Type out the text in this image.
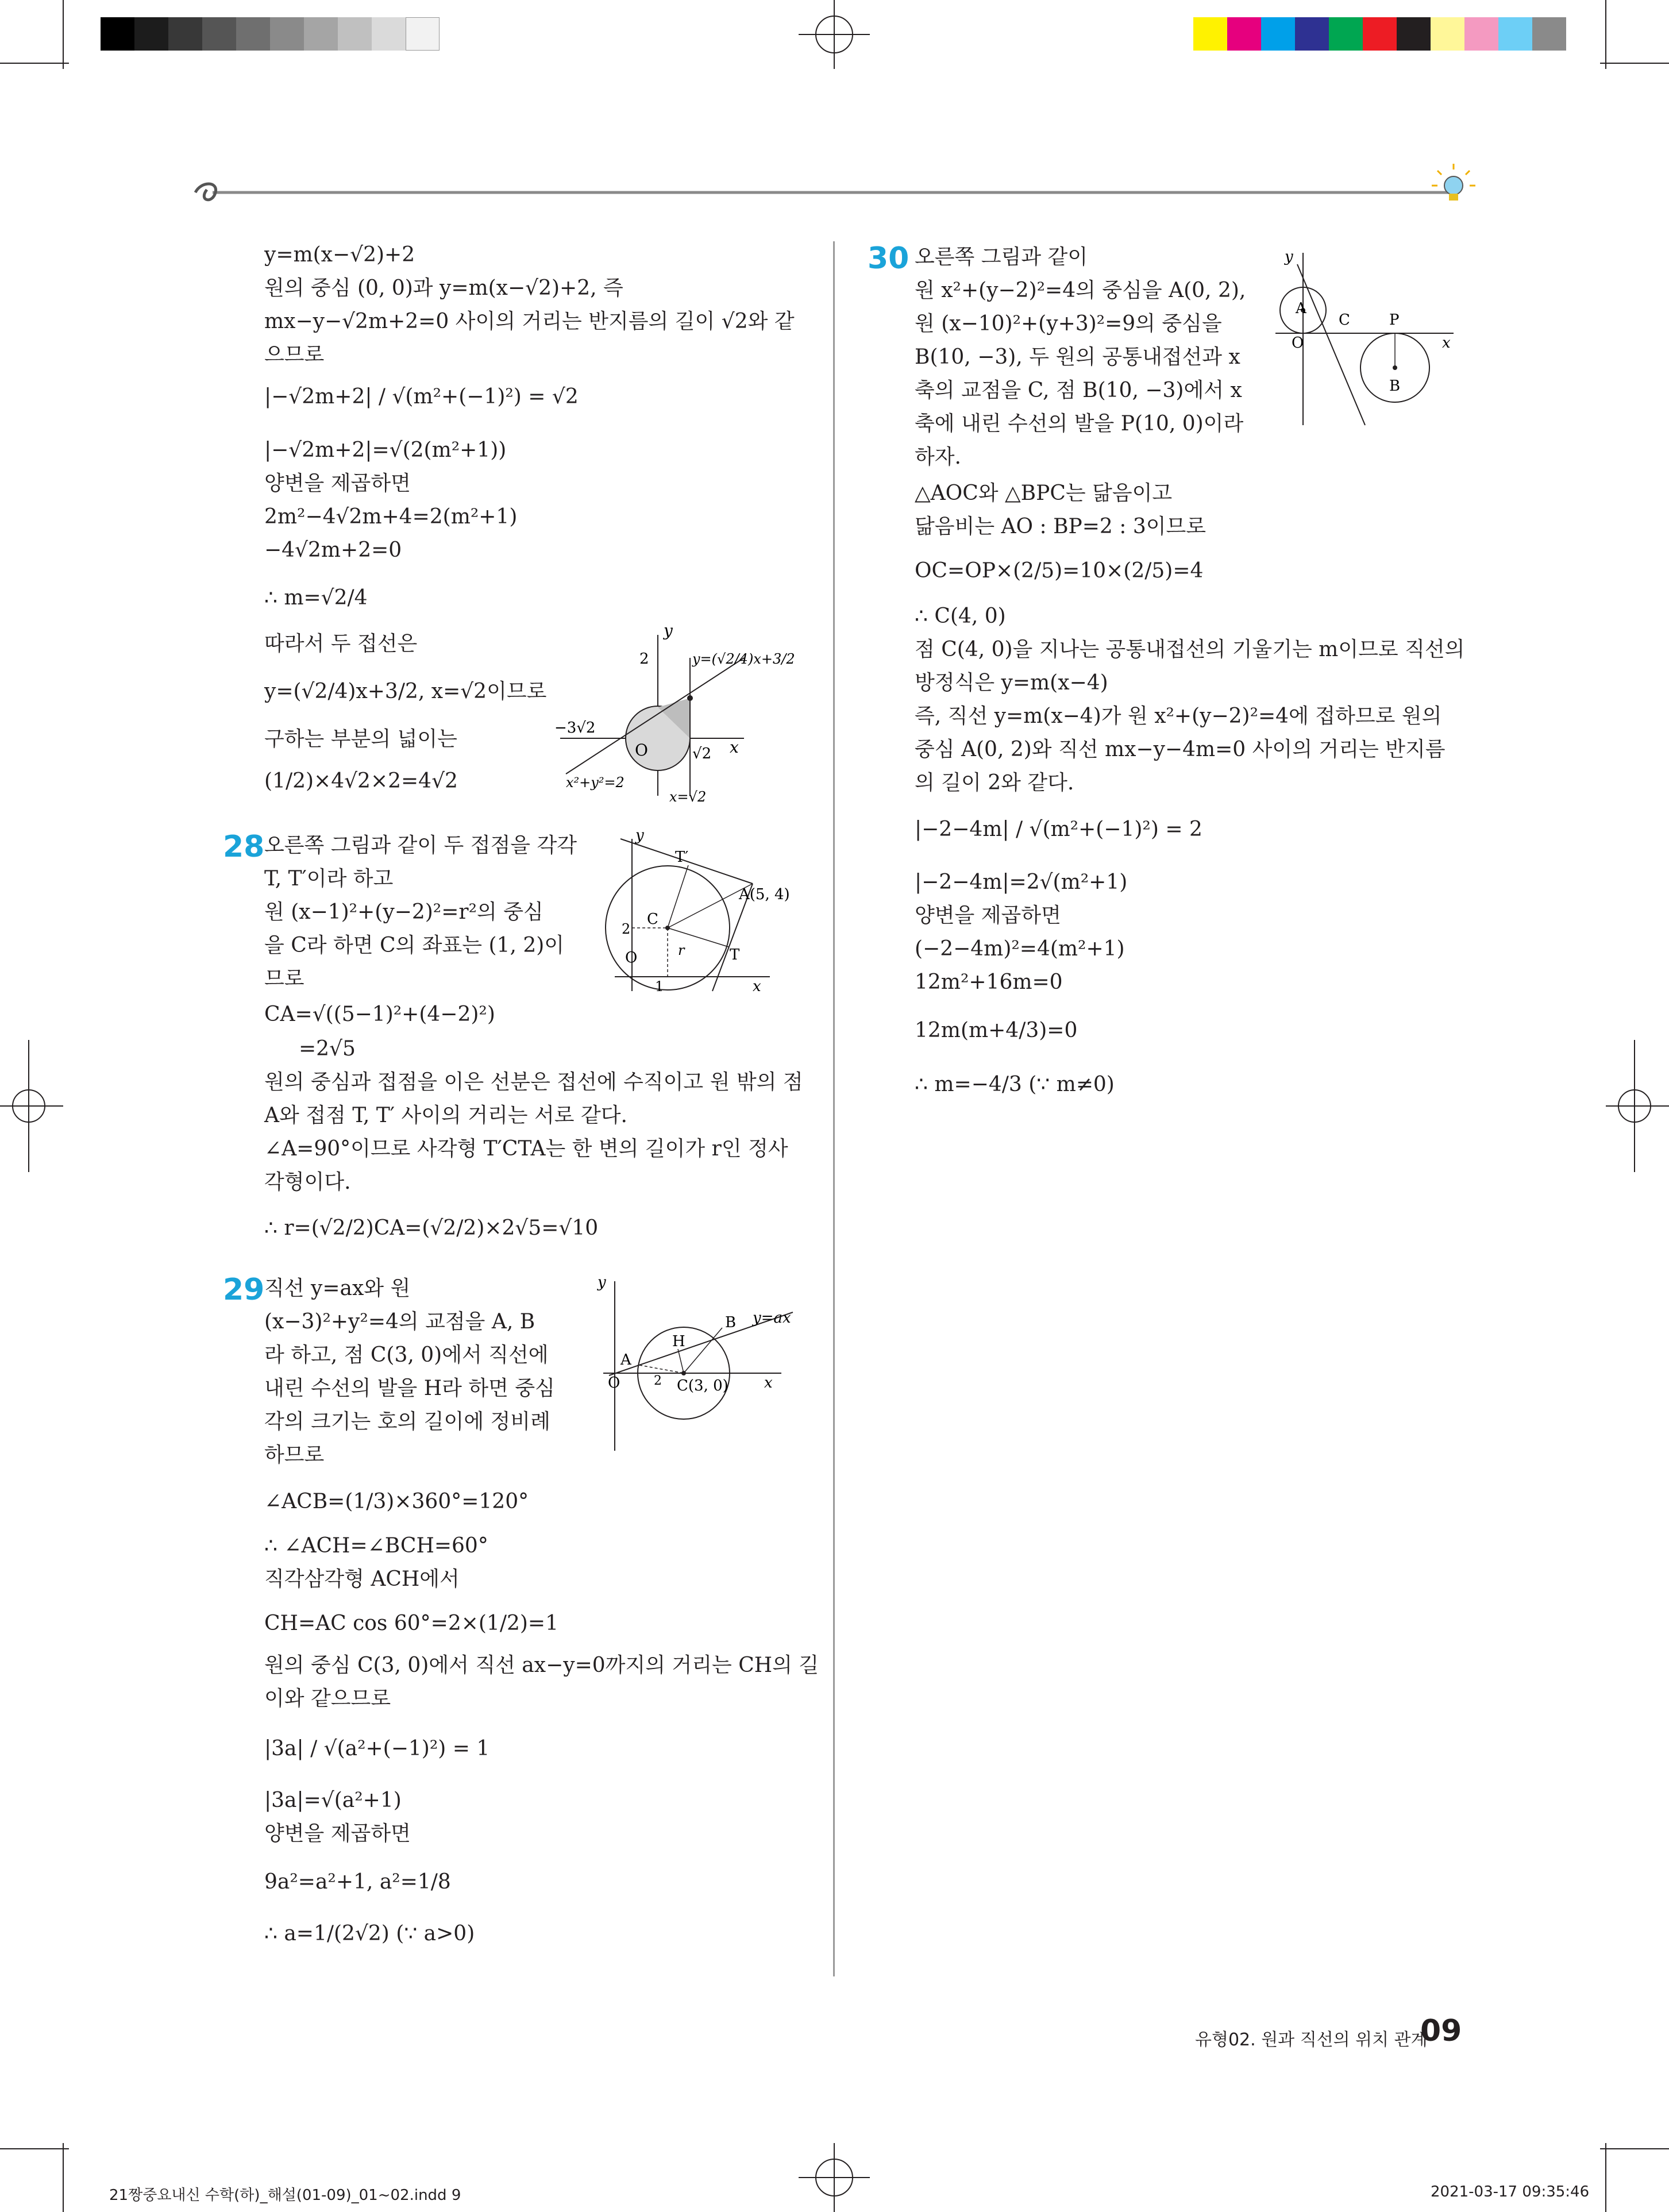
y=m(x−√2)+2
원의 중심 (0, 0)과 y=m(x−√2)+2, 즉
mx−y−√2m+2=0 사이의 거리는 반지름의 길이 √2와 같
으므로
|−√2m+2| / √(m²+(−1)²) = √2
|−√2m+2|=√(2(m²+1))
양변을 제곱하면
2m²−4√2m+4=2(m²+1)
−4√2m+2=0
∴ m=√2/4
따라서 두 접선은
y=(√2/4)x+3/2, x=√2이므로
구하는 부분의 넓이는
(1/2)×4√2×2=4√2
y
x
O
2
−3√2
√2
y=(√2/4)x+3/2
x²+y²=2
x=√2
28 오른쪽 그림과 같이 두 접점을 각각
T, T′이라 하고
원 (x−1)²+(y−2)²=r²의 중심
을 C라 하면 C의 좌표는 (1, 2)이
므로
CA=√((5−1)²+(4−2)²)
=2√5
원의 중심과 접점을 이은 선분은 접선에 수직이고 원 밖의 점
A와 접점 T, T′ 사이의 거리는 서로 같다.
∠A=90°이므로 사각형 T′CTA는 한 변의 길이가 r인 정사
각형이다.
∴ r=(√2/2)CA=(√2/2)×2√5=√10
y
x
O
T′
T
A(5, 4)
C
2
1
r
29 직선 y=ax와 원
(x−3)²+y²=4의 교점을 A, B
라 하고, 점 C(3, 0)에서 직선에
내린 수선의 발을 H라 하면 중심
각의 크기는 호의 길이에 정비례
하므로
∠ACB=(1/3)×360°=120°
∴ ∠ACH=∠BCH=60°
직각삼각형 ACH에서
CH=AC cos 60°=2×(1/2)=1
원의 중심 C(3, 0)에서 직선 ax−y=0까지의 거리는 CH의 길
이와 같으므로
|3a| / √(a²+(−1)²) = 1
|3a|=√(a²+1)
양변을 제곱하면
9a²=a²+1, a²=1/8
∴ a=1/(2√2) (∵ a>0)
y
x
O
A
B
H
C(3, 0)
2
y=ax
30 오른쪽 그림과 같이
원 x²+(y−2)²=4의 중심을 A(0, 2),
원 (x−10)²+(y+3)²=9의 중심을
B(10, −3), 두 원의 공통내접선과 x
축의 교점을 C, 점 B(10, −3)에서 x
축에 내린 수선의 발을 P(10, 0)이라
하자.
△AOC와 △BPC는 닮음이고
닮음비는 AO : BP=2 : 3이므로
OC=OP×(2/5)=10×(2/5)=4
∴ C(4, 0)
점 C(4, 0)을 지나는 공통내접선의 기울기는 m이므로 직선의
방정식은 y=m(x−4)
즉, 직선 y=m(x−4)가 원 x²+(y−2)²=4에 접하므로 원의
중심 A(0, 2)와 직선 mx−y−4m=0 사이의 거리는 반지름
의 길이 2와 같다.
|−2−4m| / √(m²+(−1)²) = 2
|−2−4m|=2√(m²+1)
양변을 제곱하면
(−2−4m)²=4(m²+1)
12m²+16m=0
12m(m+4/3)=0
∴ m=−4/3 (∵ m≠0)
y
x
O
A
C	P
B
유형02. 원과 직선의 위치 관계
09
21짱중요내신 수학(하)_해설(01-09)_01~02.indd 9	2021-03-17 09:35:46
